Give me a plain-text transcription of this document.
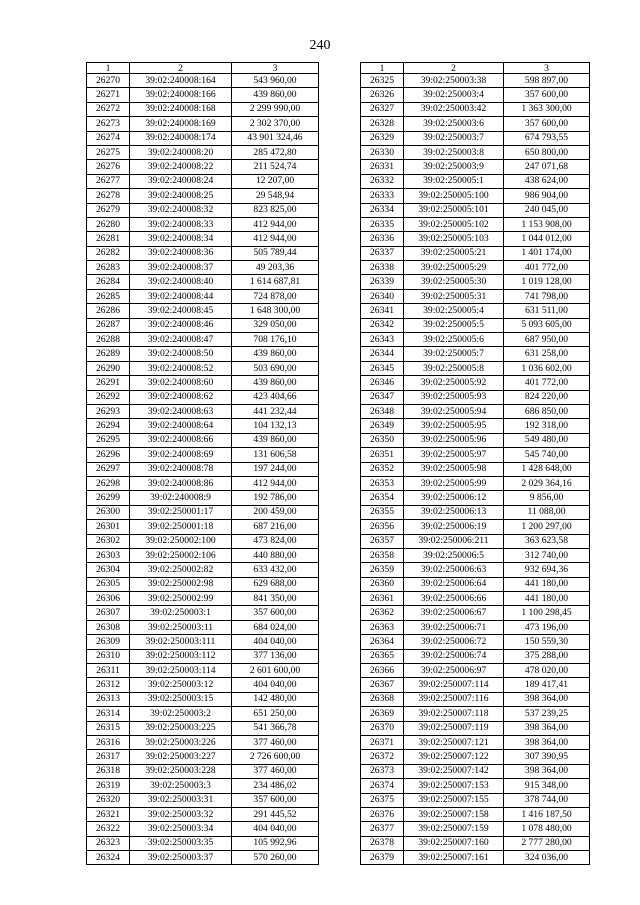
240
1	2	3
26270	39:02:240008:164	543 960,00
26271	39:02:240008:166	439 860,00
26272	39:02:240008:168	2 299 990,00
26273	39:02:240008:169	2 302 370,00
26274	39:02:240008:174	43 901 324,46
26275	39:02:240008:20	285 472,80
26276	39:02:240008:22	211 524,74
26277	39:02:240008:24	12 207,00
26278	39:02:240008:25	29 548,94
26279	39:02:240008:32	823 825,00
26280	39:02:240008:33	412 944,00
26281	39:02:240008:34	412 944,00
26282	39:02:240008:36	505 789,44
26283	39:02:240008:37	49 203,36
26284	39:02:240008:40	1 614 687,81
26285	39:02:240008:44	724 878,00
26286	39:02:240008:45	1 648 300,00
26287	39:02:240008:46	329 050,00
26288	39:02:240008:47	708 176,10
26289	39:02:240008:50	439 860,00
26290	39:02:240008:52	503 690,00
26291	39:02:240008:60	439 860,00
26292	39:02:240008:62	423 404,66
26293	39:02:240008:63	441 232,44
26294	39:02:240008:64	104 132,13
26295	39:02:240008:66	439 860,00
26296	39:02:240008:69	131 606,58
26297	39:02:240008:78	197 244,00
26298	39:02:240008:86	412 944,00
26299	39:02:240008:9	192 786,00
26300	39:02:250001:17	200 459,00
26301	39:02:250001:18	687 216,00
26302	39:02:250002:100	473 824,00
26303	39:02:250002:106	440 880,00
26304	39:02:250002:82	633 432,00
26305	39:02:250002:98	629 688,00
26306	39:02:250002:99	841 350,00
26307	39:02:250003:1	357 600,00
26308	39:02:250003:11	684 024,00
26309	39:02:250003:111	404 040,00
26310	39:02:250003:112	377 136,00
26311	39:02:250003:114	2 601 600,00
26312	39:02:250003:12	404 040,00
26313	39:02:250003:15	142 480,00
26314	39:02:250003:2	651 250,00
26315	39:02:250003:225	541 366,78
26316	39:02:250003:226	377 460,00
26317	39:02:250003:227	2 726 600,00
26318	39:02:250003:228	377 460,00
26319	39:02:250003:3	234 486,02
26320	39:02:250003:31	357 600,00
26321	39:02:250003:32	291 445,52
26322	39:02:250003:34	404 040,00
26323	39:02:250003:35	105 992,96
26324	39:02:250003:37	570 260,00
1	2	3
26325	39:02:250003:38	598 897,00
26326	39:02:250003:4	357 600,00
26327	39:02:250003:42	1 363 300,00
26328	39:02:250003:6	357 600,00
26329	39:02:250003:7	674 793,55
26330	39:02:250003:8	650 800,00
26331	39:02:250003:9	247 071,68
26332	39:02:250005:1	438 624,00
26333	39:02:250005:100	986 904,00
26334	39:02:250005:101	240 045,00
26335	39:02:250005:102	1 153 908,00
26336	39:02:250005:103	1 044 012,00
26337	39:02:250005:21	1 401 174,00
26338	39:02:250005:29	401 772,00
26339	39:02:250005:30	1 019 128,00
26340	39:02:250005:31	741 798,00
26341	39:02:250005:4	631 511,00
26342	39:02:250005:5	5 093 605,00
26343	39:02:250005:6	687 950,00
26344	39:02:250005:7	631 258,00
26345	39:02:250005:8	1 036 602,00
26346	39:02:250005:92	401 772,00
26347	39:02:250005:93	824 220,00
26348	39:02:250005:94	686 850,00
26349	39:02:250005:95	192 318,00
26350	39:02:250005:96	549 480,00
26351	39:02:250005:97	545 740,00
26352	39:02:250005:98	1 428 648,00
26353	39:02:250005:99	2 029 364,16
26354	39:02:250006:12	9 856,00
26355	39:02:250006:13	11 088,00
26356	39:02:250006:19	1 200 297,00
26357	39:02:250006:211	363 623,58
26358	39:02:250006:5	312 740,00
26359	39:02:250006:63	932 694,36
26360	39:02:250006:64	441 180,00
26361	39:02:250006:66	441 180,00
26362	39:02:250006:67	1 100 298,45
26363	39:02:250006:71	473 196,00
26364	39:02:250006:72	150 559,30
26365	39:02:250006:74	375 288,00
26366	39:02:250006:97	478 020,00
26367	39:02:250007:114	189 417,41
26368	39:02:250007:116	398 364,00
26369	39:02:250007:118	537 239,25
26370	39:02:250007:119	398 364,00
26371	39:02:250007:121	398 364,00
26372	39:02:250007:122	307 390,95
26373	39:02:250007:142	398 364,00
26374	39:02:250007:153	915 348,00
26375	39:02:250007:155	378 744,00
26376	39:02:250007:158	1 416 187,50
26377	39:02:250007:159	1 078 480,00
26378	39:02:250007:160	2 777 280,00
26379	39:02:250007:161	324 036,00
